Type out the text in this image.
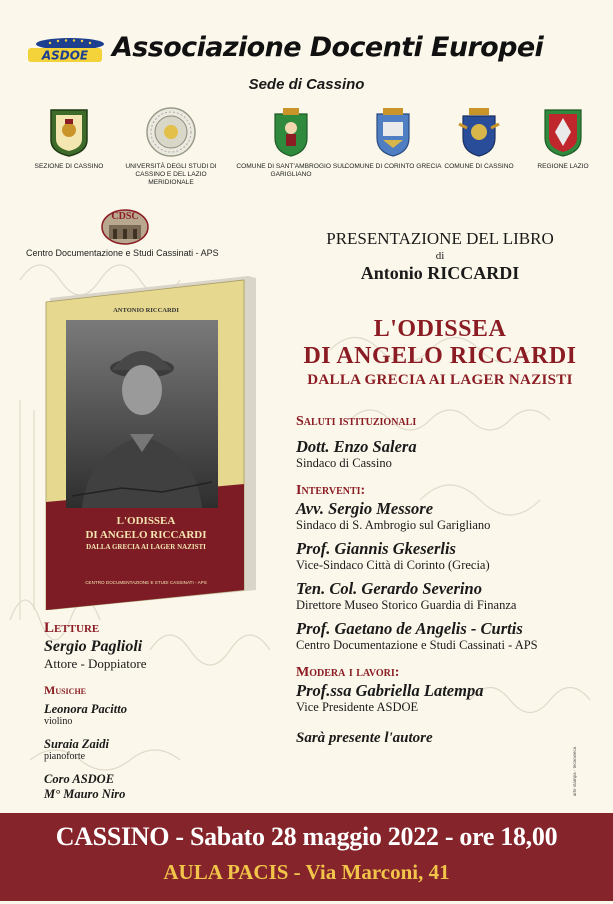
ASDOE Associazione Docenti Europei
Sede di Cassino
SEZIONE DI CASSINO	UNIVERSITÀ DEGLI STUDI DI CASSINO E DEL LAZIO MERIDIONALE
COMUNE DI SANT'AMBROGIO SUL GARIGLIANO
COMUNE DI CORINTO GRECIA COMUNE DI CASSINO	REGIONE LAZIO
CDSC
Centro Documentazione e Studi Cassinati - APS
PRESENTAZIONE DEL LIBRO
di
Antonio RICCARDI
L'ODISSEA
DI ANGELO RICCARDI
DALLA GRECIA AI LAGER NAZISTI
ANTONIO RICCARDI
L'ODISSEA
DI ANGELO RICCARDI
DALLA GRECIA AI LAGER NAZISTI
CENTRO DOCUMENTAZIONE E STUDI CASSINATI - APS
Saluti istituzionali
Dott. Enzo Salera
Sindaco di Cassino
Interventi:
Avv. Sergio Messore
Sindaco di S. Ambrogio sul Garigliano
Prof. Giannis Gkeserlis
Vice-Sindaco Città di Corinto (Grecia)
Ten. Col. Gerardo Severino
Direttore Museo Storico Guardia di Finanza
Prof. Gaetano de Angelis - Curtis
Centro Documentazione e Studi Cassinati - APS
Modera i lavori:
Prof.ssa Gabriella Latempa
Vice Presidente ASDOE
Sarà presente l'autore
Letture
Sergio Paglioli
Attore - Doppiatore
Musiche
Leonora Pacitto
violino
Suraia Zaidi
pianoforte
Coro ASDOE
M° Mauro Niro	arte stampa - tecnoweca
CASSINO - Sabato 28 maggio 2022 - ore 18,00
AULA PACIS - Via Marconi, 41
